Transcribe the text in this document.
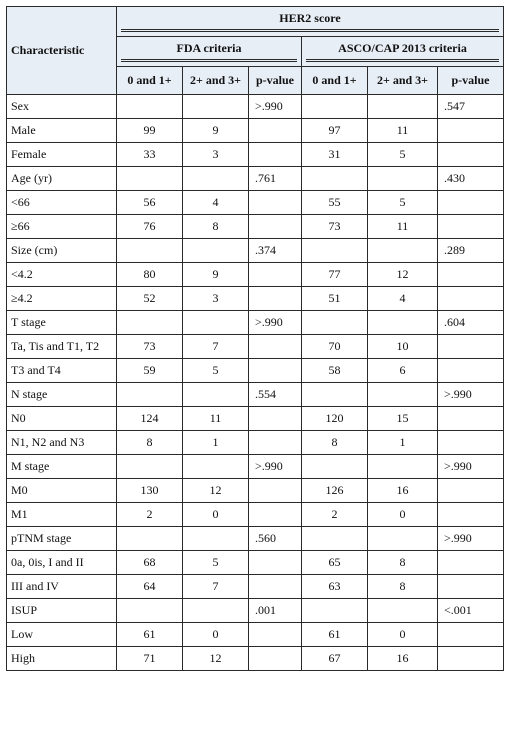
Characteristic	HER2 score					

	FDA criteria			ASCO/CAP 2013 criteria		

	0 and 1+	2+ and 3+	p-value	0 and 1+	2+ and 3+	p-value
Sex			>.990			.547
Male	99	9		97	11	
Female	33	3		31	5	
Age (yr)			.761			.430
<66	56	4		55	5	
≥66	76	8		73	11	
Size (cm)			.374			.289
<4.2	80	9		77	12	
≥4.2	52	3		51	4	
T stage			>.990			.604
Ta, Tis and T1, T2	73	7		70	10	
T3 and T4	59	5		58	6	
N stage			.554			>.990
N0	124	11		120	15	
N1, N2 and N3	8	1		8	1	
M stage			>.990			>.990
M0	130	12		126	16	
M1	2	0		2	0	
pTNM stage			.560			>.990
0a, 0is, I and II	68	5		65	8	
III and IV	64	7		63	8	
ISUP			.001			<.001
Low	61	0		61	0	
High	71	12		67	16	
